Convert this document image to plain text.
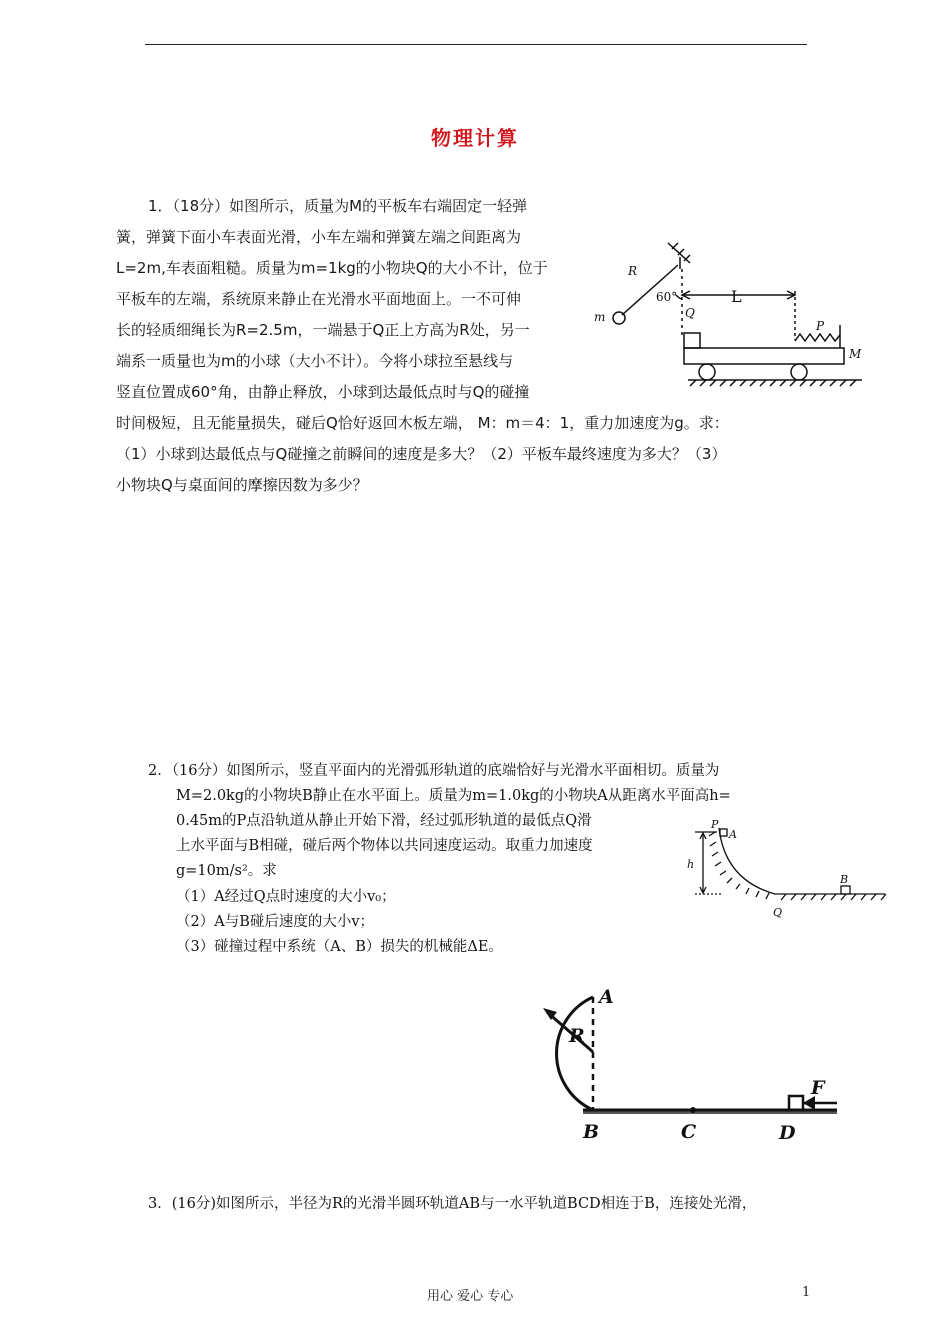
物理计算
1．（18分）如图所示，质量为M的平板车右端固定一轻弹
簧，弹簧下面小车表面光滑，小车左端和弹簧左端之间距离为
L=2m,车表面粗糙。质量为m=1kg的小物块Q的大小不计，位于
平板车的左端，系统原来静止在光滑水平面地面上。一不可伸
长的轻质细绳长为R=2.5m，一端悬于Q正上方高为R处，另一
端系一质量也为m的小球（大小不计）。今将小球拉至悬线与
竖直位置成60°角，由静止释放，小球到达最低点时与Q的碰撞
时间极短，且无能量损失，碰后Q恰好返回木板左端， M：m＝4：1，重力加速度为g。求：
（1）小球到达最低点与Q碰撞之前瞬间的速度是多大？（2）平板车最终速度为多大？（3）
小物块Q与桌面间的摩擦因数为多少？
R
m
60°
Q
L
P
M
2．（16分）如图所示，竖直平面内的光滑弧形轨道的底端恰好与光滑水平面相切。质量为
M=2.0kg的小物块B静止在水平面上。质量为m=1.0kg的小物块A从距离水平面高h=
0.45m的P点沿轨道从静止开始下滑，经过弧形轨道的最低点Q滑
上水平面与B相碰，碰后两个物体以共同速度运动。取重力加速度
g=10m/s²。求
（1）A经过Q点时速度的大小v₀；
（2）A与B碰后速度的大小v；
（3）碰撞过程中系统（A、B）损失的机械能ΔE。
P
A
h
B
Q
A
R
B	C	D
F
3．(16分)如图所示，半径为R的光滑半圆环轨道AB与一水平轨道BCD相连于B，连接处光滑，
用心 爱心 专心	1
